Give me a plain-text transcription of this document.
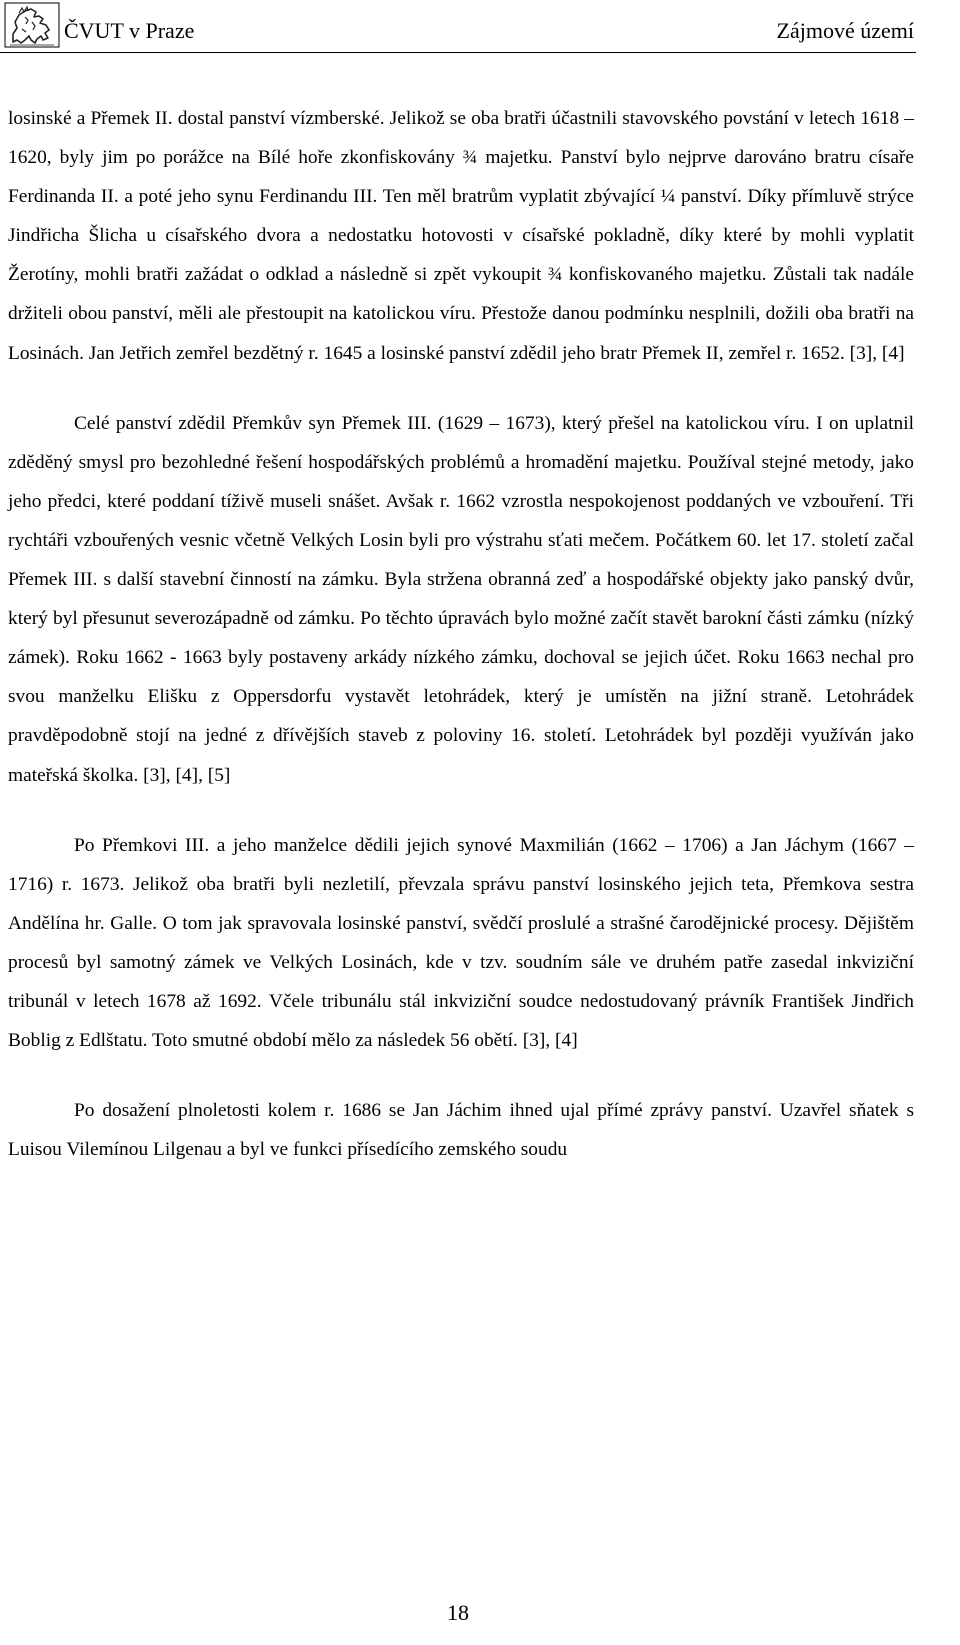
ČVUT v Praze	Zájmové území

losinské a Přemek II. dostal panství vízmberské. Jelikož se oba bratři účastnili stavovského povstání v letech 1618 – 1620, byly jim po porážce na Bílé hoře zkonfiskovány ¾ majetku. Panství bylo nejprve darováno bratru císaře Ferdinanda II. a poté jeho synu Ferdinandu III. Ten měl bratrům vyplatit zbývající ¼ panství. Díky přímluvě strýce Jindřicha Šlicha u císařského dvora a nedostatku hotovosti v císařské pokladně, díky které by mohli vyplatit Žerotíny, mohli bratři zažádat o odklad a následně si zpět vykoupit ¾ konfiskovaného majetku. Zůstali tak nadále držiteli obou panství, měli ale přestoupit na katolickou víru. Přestože danou podmínku nesplnili, dožili oba bratři na Losinách. Jan Jetřich zemřel bezdětný r. 1645 a losinské panství zdědil jeho bratr Přemek II, zemřel r. 1652. [3], [4]

Celé panství zdědil Přemkův syn Přemek III. (1629 – 1673), který přešel na katolickou víru. I on uplatnil zděděný smysl pro bezohledné řešení hospodářských problémů a hromadění majetku. Používal stejné metody, jako jeho předci, které poddaní tíživě museli snášet. Avšak r. 1662 vzrostla nespokojenost poddaných ve vzbouření. Tři rychtáři vzbouřených vesnic včetně Velkých Losin byli pro výstrahu sťati mečem. Počátkem 60. let 17. století začal Přemek III. s další stavební činností na zámku. Byla stržena obranná zeď a hospodářské objekty jako panský dvůr, který byl přesunut severozápadně od zámku. Po těchto úpravách bylo možné začít stavět barokní části zámku (nízký zámek). Roku 1662 - 1663 byly postaveny arkády nízkého zámku, dochoval se jejich účet. Roku 1663 nechal pro svou manželku Elišku z Oppersdorfu vystavět letohrádek, který je umístěn na jižní straně. Letohrádek pravděpodobně stojí na jedné z dřívějších staveb z poloviny 16. století. Letohrádek byl později využíván jako mateřská školka. [3], [4], [5]

Po Přemkovi III. a jeho manželce dědili jejich synové Maxmilián (1662 – 1706) a Jan Jáchym (1667 – 1716) r. 1673. Jelikož oba bratři byli nezletilí, převzala správu panství losinského jejich teta, Přemkova sestra Andělína hr. Galle. O tom jak spravovala losinské panství, svědčí proslulé a strašné čarodějnické procesy. Dějištěm procesů byl samotný zámek ve Velkých Losinách, kde v tzv. soudním sále ve druhém patře zasedal inkviziční tribunál v letech 1678 až 1692. Včele tribunálu stál inkviziční soudce nedostudovaný právník František Jindřich Boblig z Edlštatu. Toto smutné období mělo za následek 56 obětí. [3], [4]

Po dosažení plnoletosti kolem r. 1686 se Jan Jáchim ihned ujal přímé zprávy panství. Uzavřel sňatek s Luisou Vilemínou Lilgenau a byl ve funkci přísedícího zemského soudu

18
